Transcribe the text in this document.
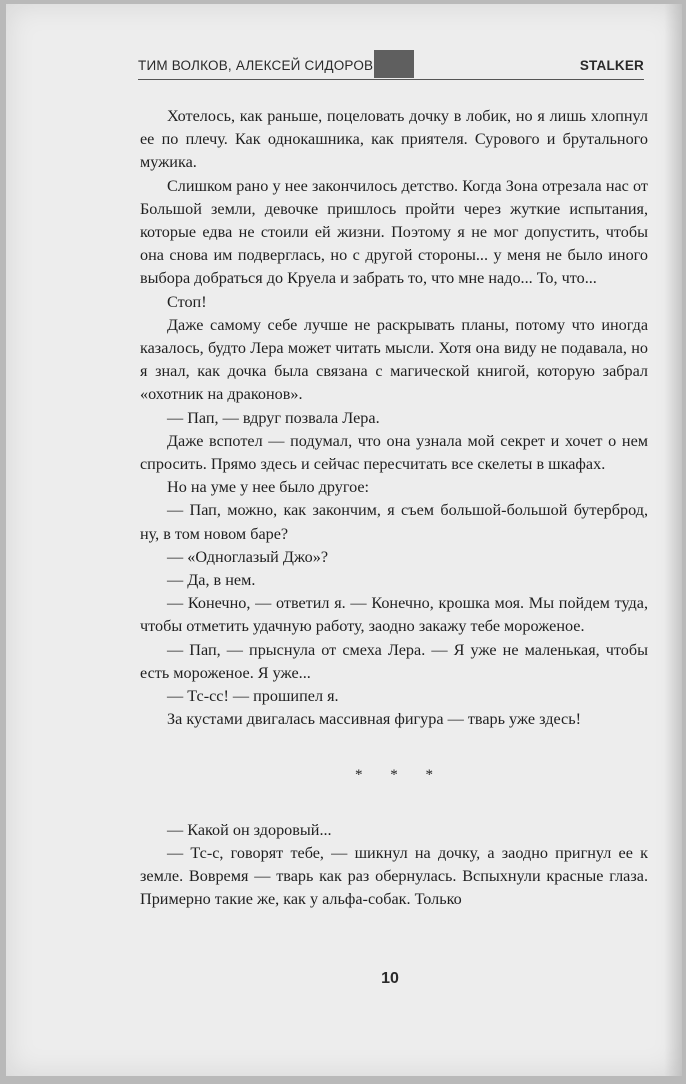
ТИМ ВОЛКОВ, АЛЕКСЕЙ СИДОРОВ	STALKER

Хотелось, как раньше, поцеловать дочку в лобик, но я лишь хлопнул ее по плечу. Как однокашника, как приятеля. Сурового и брутального мужика.

Слишком рано у нее закончилось детство. Когда Зона отрезала нас от Большой земли, девочке пришлось пройти через жуткие испытания, которые едва не стоили ей жизни. Поэтому я не мог допустить, чтобы она снова им подверглась, но с другой стороны... у меня не было иного выбора добраться до Круела и забрать то, что мне надо... То, что...

Стоп!

Даже самому себе лучше не раскрывать планы, потому что иногда казалось, будто Лера может читать мысли. Хотя она виду не подавала, но я знал, как дочка была связана с магической книгой, которую забрал «охотник на драконов».

— Пап, — вдруг позвала Лера.

Даже вспотел — подумал, что она узнала мой секрет и хочет о нем спросить. Прямо здесь и сейчас пересчитать все скелеты в шкафах.

Но на уме у нее было другое:

— Пап, можно, как закончим, я съем большой-большой бутерброд, ну, в том новом баре?

— «Одноглазый Джо»?

— Да, в нем.

— Конечно, — ответил я. — Конечно, крошка моя. Мы пойдем туда, чтобы отметить удачную работу, заодно закажу тебе мороженое.

— Пап, — прыснула от смеха Лера. — Я уже не маленькая, чтобы есть мороженое. Я уже...

— Тс-сс! — прошипел я.

За кустами двигалась массивная фигура — тварь уже здесь!

* * *

— Какой он здоровый...

— Тс-с, говорят тебе, — шикнул на дочку, а заодно пригнул ее к земле. Вовремя — тварь как раз обернулась. Вспыхнули красные глаза. Примерно такие же, как у альфа-собак. Только

10
